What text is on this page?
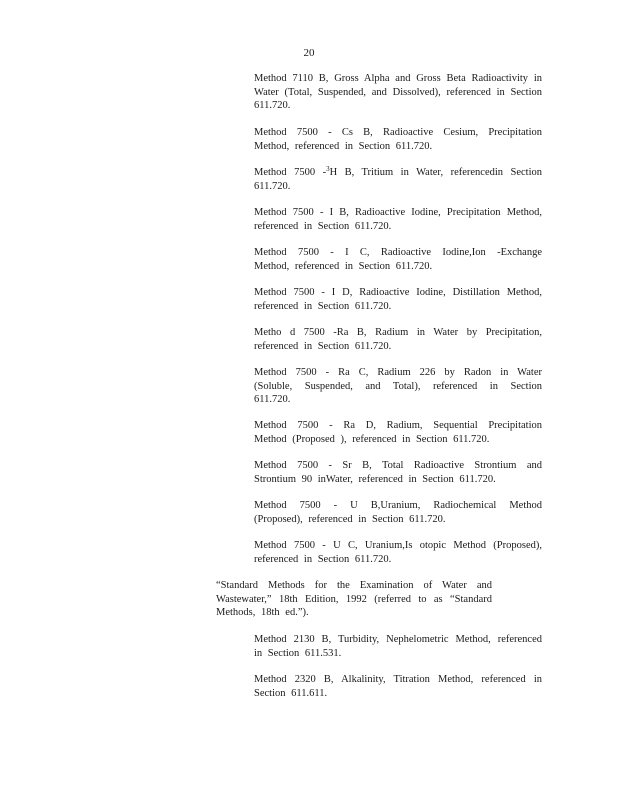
20

Method 7110 B, Gross Alpha and Gross Beta Radioactivity in Water (Total, Suspended, and Dissolved), referenced in Section 611.720.

Method 7500 - Cs B, Radioactive Cesium, Precipitation Method, referenced in Section 611.720.

Method 7500 -$^3$H B, Tritium in Water, referencedin Section 611.720.

Method 7500 - I B, Radioactive Iodine, Precipitation Method, referenced in Section 611.720.

Method 7500 - I C, Radioactive Iodine,Ion -Exchange Method, referenced in Section 611.720.

Method 7500 - I D, Radioactive Iodine, Distillation Method, referenced in Section 611.720.

Metho d 7500 -Ra B, Radium in Water by Precipitation, referenced in Section 611.720.

Method 7500 - Ra C, Radium 226 by Radon in Water (Soluble, Suspended, and Total), referenced in Section 611.720.

Method 7500 - Ra D, Radium, Sequential Precipitation Method (Proposed ), referenced in Section 611.720.

Method 7500 - Sr B, Total Radioactive Strontium and Strontium 90 inWater, referenced in Section 611.720.

Method 7500 - U B,Uranium, Radiochemical Method (Proposed), referenced in Section 611.720.

Method 7500 - U C, Uranium,Is otopic Method (Proposed), referenced in Section 611.720.

“Standard Methods for the Examination of Water and Wastewater,” 18th Edition, 1992 (referred to as “Standard Methods, 18th ed.”).

Method 2130 B, Turbidity, Nephelometric Method, referenced in Section 611.531.

Method 2320 B, Alkalinity, Titration Method, referenced in Section 611.611.
